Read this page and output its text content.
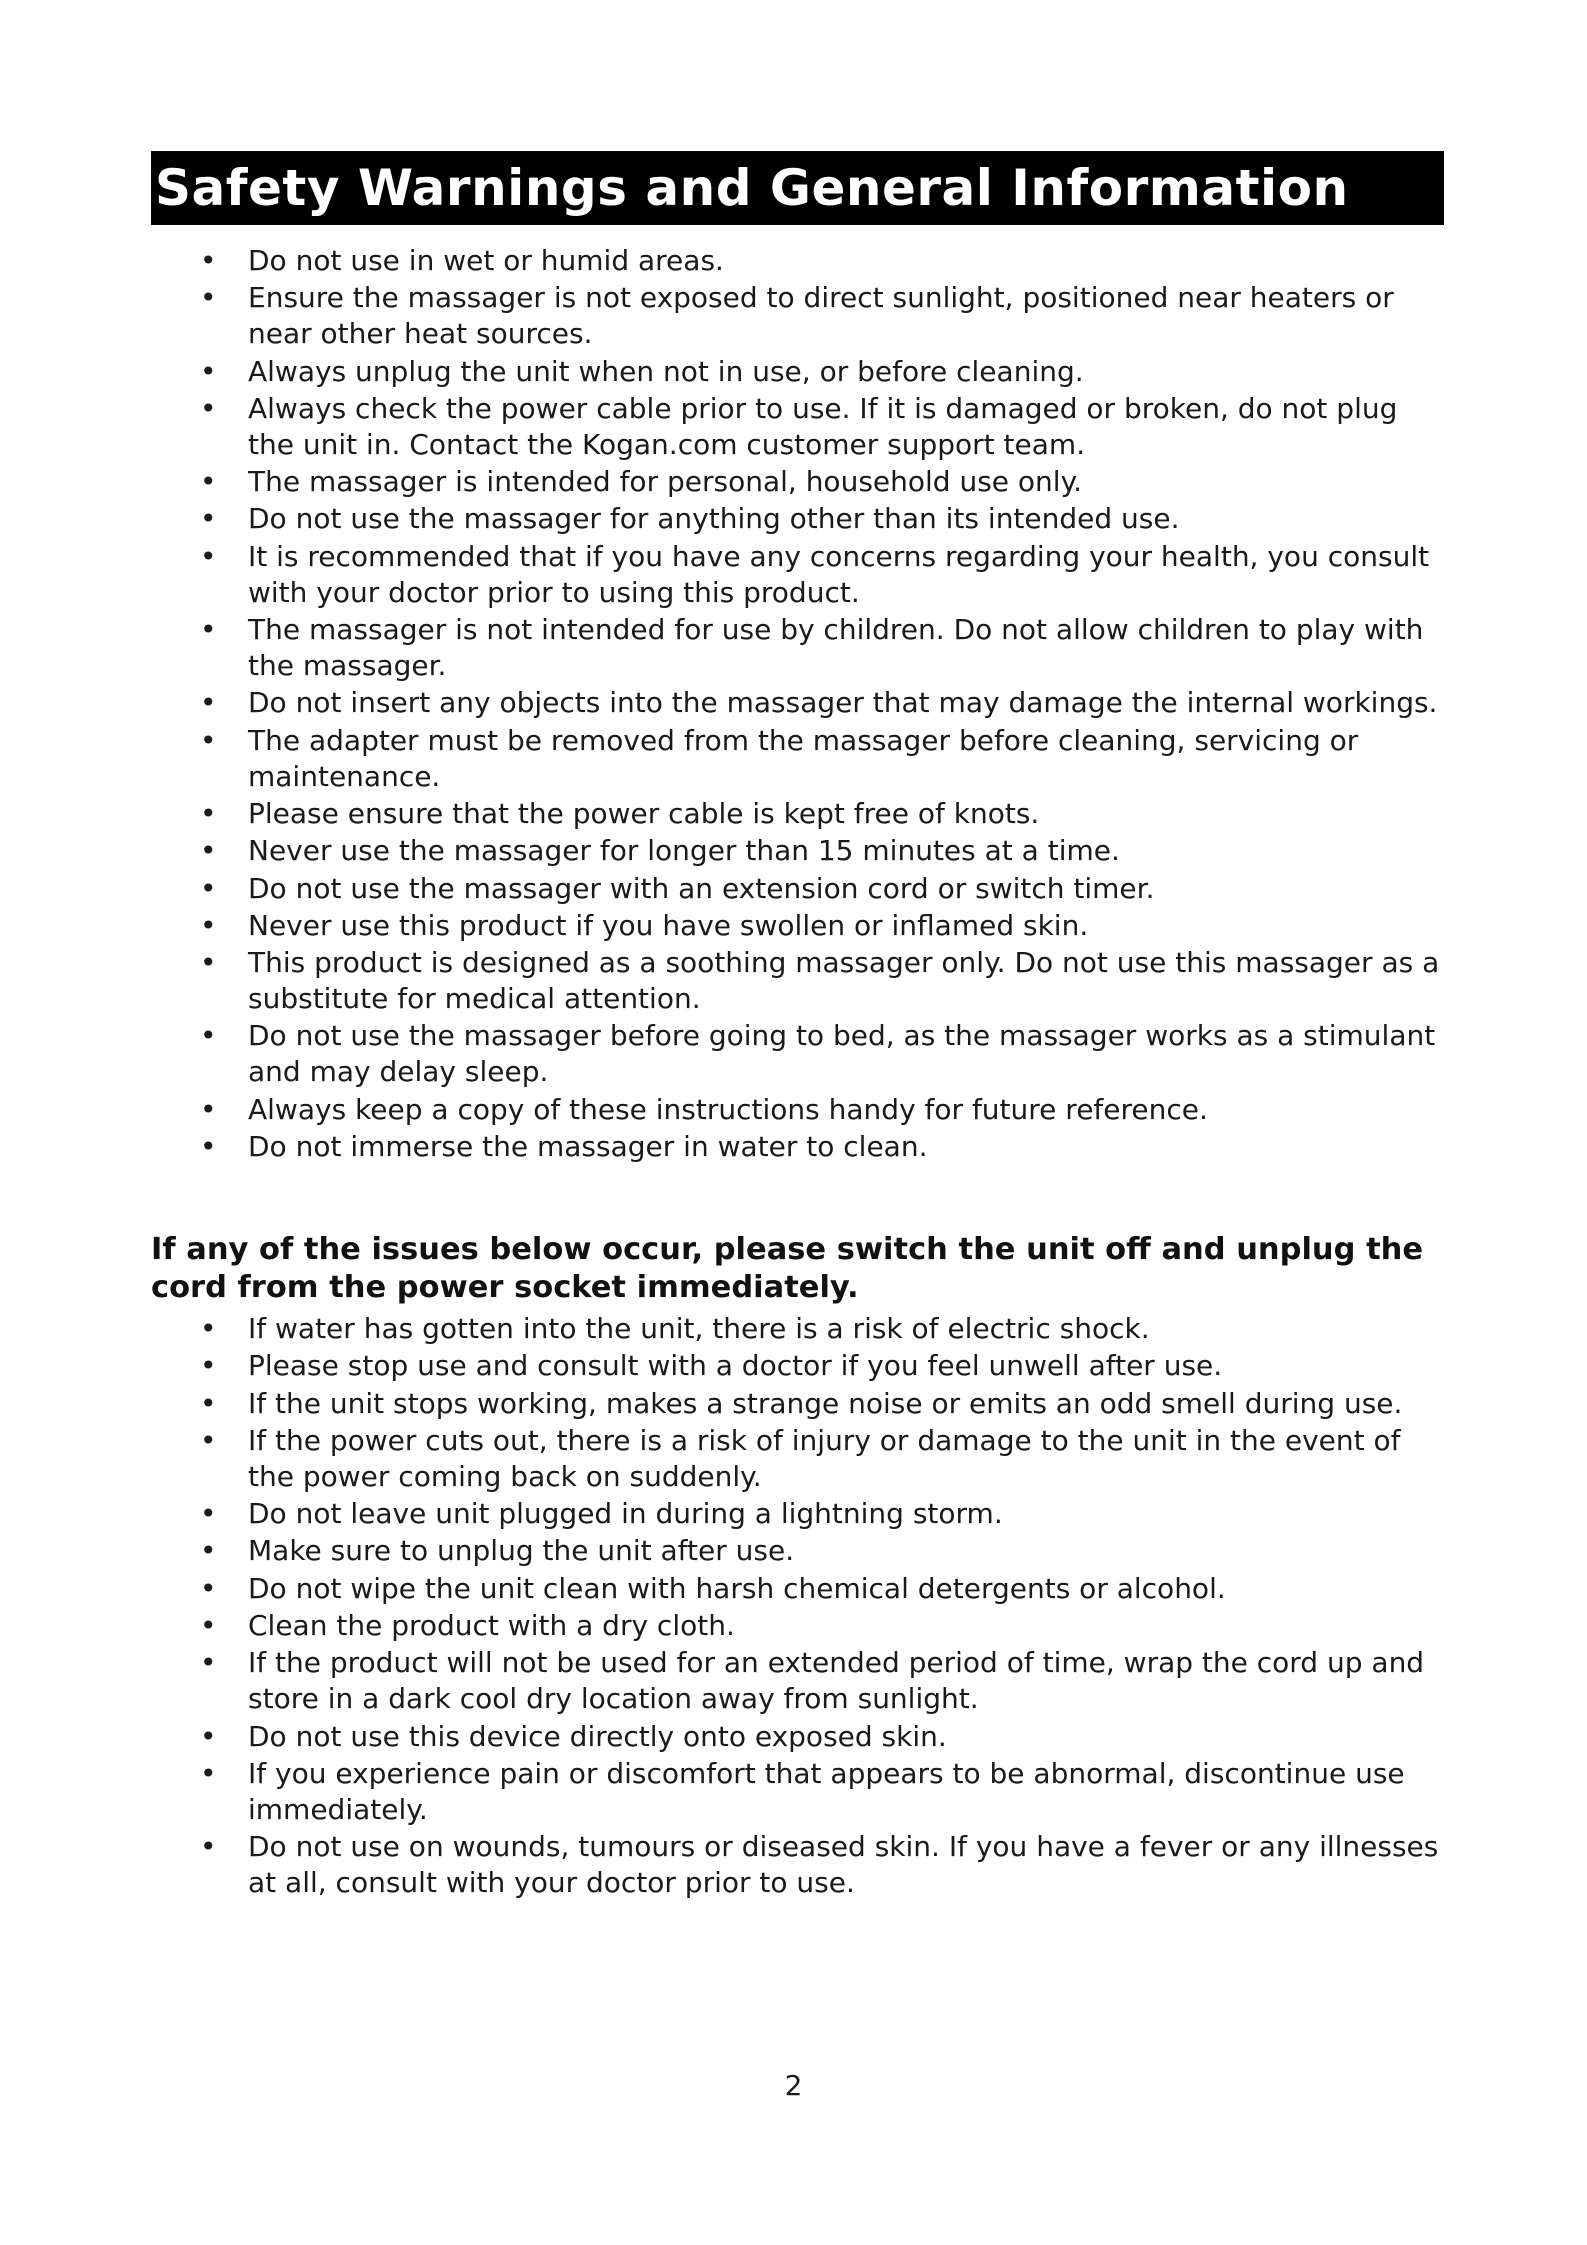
Safety Warnings and General Information
• Do not use in wet or humid areas.
• Ensure the massager is not exposed to direct sunlight, positioned near heaters or near other heat sources.
• Always unplug the unit when not in use, or before cleaning.
• Always check the power cable prior to use. If it is damaged or broken, do not plug the unit in. Contact the Kogan.com customer support team.
• The massager is intended for personal, household use only.
• Do not use the massager for anything other than its intended use.
• It is recommended that if you have any concerns regarding your health, you consult with your doctor prior to using this product.
• The massager is not intended for use by children. Do not allow children to play with the massager.
• Do not insert any objects into the massager that may damage the internal workings.
• The adapter must be removed from the massager before cleaning, servicing or maintenance.
• Please ensure that the power cable is kept free of knots.
• Never use the massager for longer than 15 minutes at a time.
• Do not use the massager with an extension cord or switch timer.
• Never use this product if you have swollen or inflamed skin.
• This product is designed as a soothing massager only. Do not use this massager as a substitute for medical attention.
• Do not use the massager before going to bed, as the massager works as a stimulant and may delay sleep.
• Always keep a copy of these instructions handy for future reference.
• Do not immerse the massager in water to clean.
If any of the issues below occur, please switch the unit off and unplug the cord from the power socket immediately.
• If water has gotten into the unit, there is a risk of electric shock.
• Please stop use and consult with a doctor if you feel unwell after use.
• If the unit stops working, makes a strange noise or emits an odd smell during use.
• If the power cuts out, there is a risk of injury or damage to the unit in the event of the power coming back on suddenly.
• Do not leave unit plugged in during a lightning storm.
• Make sure to unplug the unit after use.
• Do not wipe the unit clean with harsh chemical detergents or alcohol.
• Clean the product with a dry cloth.
• If the product will not be used for an extended period of time, wrap the cord up and store in a dark cool dry location away from sunlight.
• Do not use this device directly onto exposed skin.
• If you experience pain or discomfort that appears to be abnormal, discontinue use immediately.
• Do not use on wounds, tumours or diseased skin. If you have a fever or any illnesses at all, consult with your doctor prior to use.
2
